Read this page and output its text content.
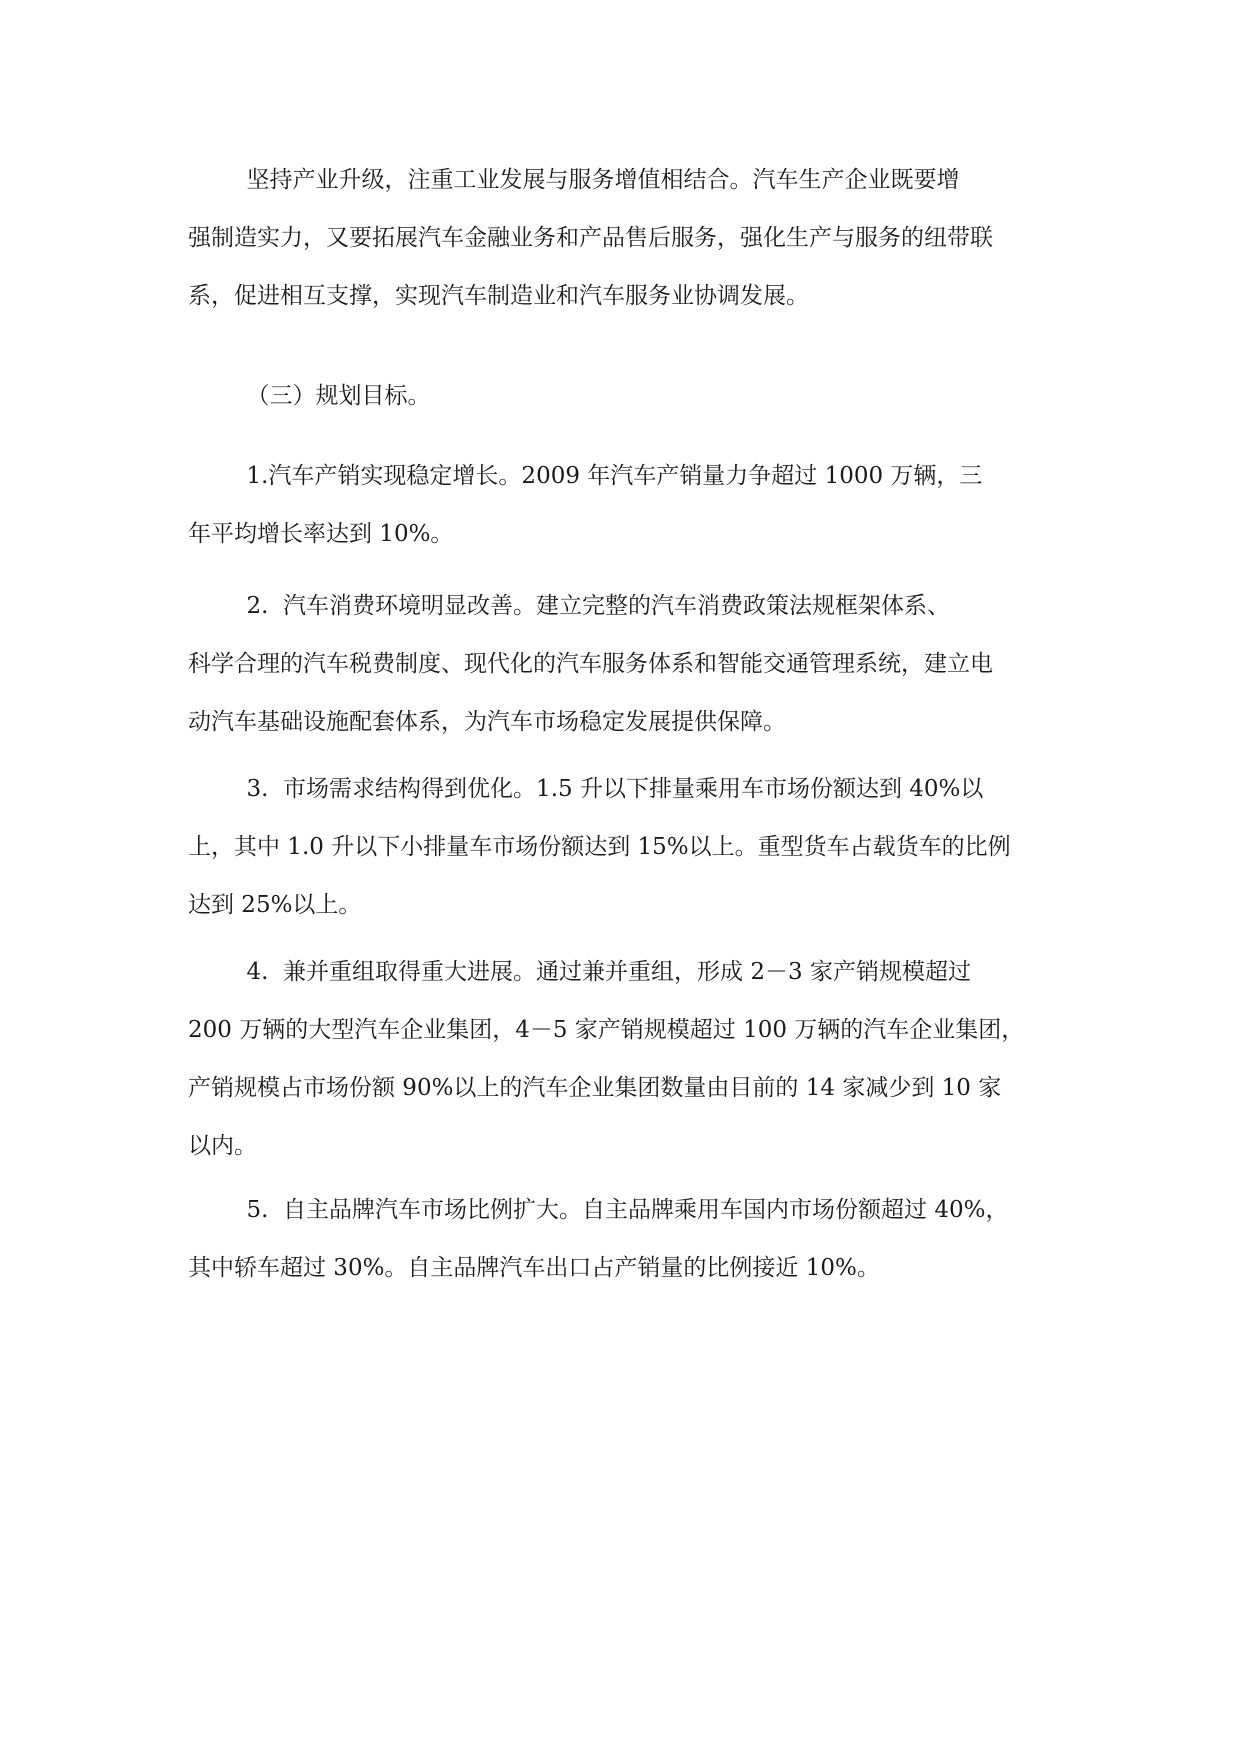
坚持产业升级，注重工业发展与服务增值相结合。汽车生产企业既要增
强制造实力，又要拓展汽车金融业务和产品售后服务，强化生产与服务的纽带联
系，促进相互支撑，实现汽车制造业和汽车服务业协调发展。

（三）规划目标。

1.汽车产销实现稳定增长。2009 年汽车产销量力争超过 1000 万辆，三
年平均增长率达到 10%。

2.  汽车消费环境明显改善。建立完整的汽车消费政策法规框架体系、
科学合理的汽车税费制度、现代化的汽车服务体系和智能交通管理系统，建立电
动汽车基础设施配套体系，为汽车市场稳定发展提供保障。

3.  市场需求结构得到优化。1.5 升以下排量乘用车市场份额达到 40%以
上，其中 1.0 升以下小排量车市场份额达到 15%以上。重型货车占载货车的比例
达到 25%以上。

4.  兼并重组取得重大进展。通过兼并重组，形成 2－3 家产销规模超过
200 万辆的大型汽车企业集团，4－5 家产销规模超过 100 万辆的汽车企业集团，
产销规模占市场份额 90%以上的汽车企业集团数量由目前的 14 家减少到 10 家
以内。

5.  自主品牌汽车市场比例扩大。自主品牌乘用车国内市场份额超过 40%，
其中轿车超过 30%。自主品牌汽车出口占产销量的比例接近 10%。
